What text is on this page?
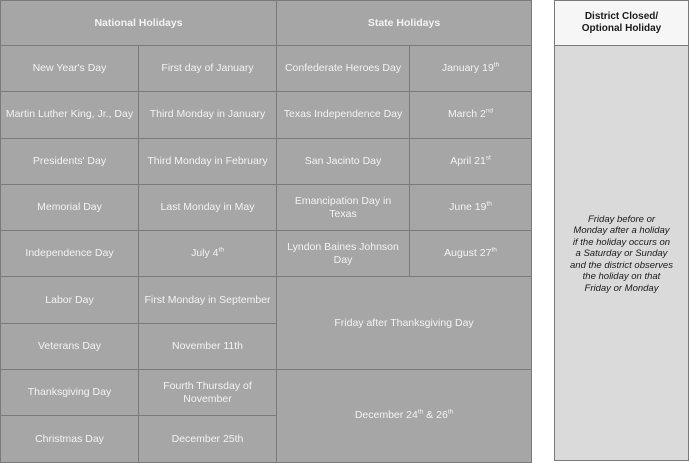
National Holidays		State Holidays	
New Year's Day	First day of January	Confederate Heroes Day	January 19th
Martin Luther King, Jr., Day	Third Monday in January	Texas Independence Day	March 2nd
Presidents' Day	Third Monday in February	San Jacinto Day	April 21st
Memorial Day	Last Monday in May	Emancipation Day in Texas	June 19th
Independence Day	July 4th	Lyndon Baines Johnson Day	August 27th
Labor Day	First Monday in September	Friday after Thanksgiving Day	
Veterans Day	November 11th		
Thanksgiving Day	Fourth Thursday of November	December 24th & 26th
Christmas Day	December 25th		
District Closed/
Optional Holiday
Friday before or
Monday after a holiday
if the holiday occurs on
a Saturday or Sunday
and the district observes
the holiday on that
Friday or Monday
